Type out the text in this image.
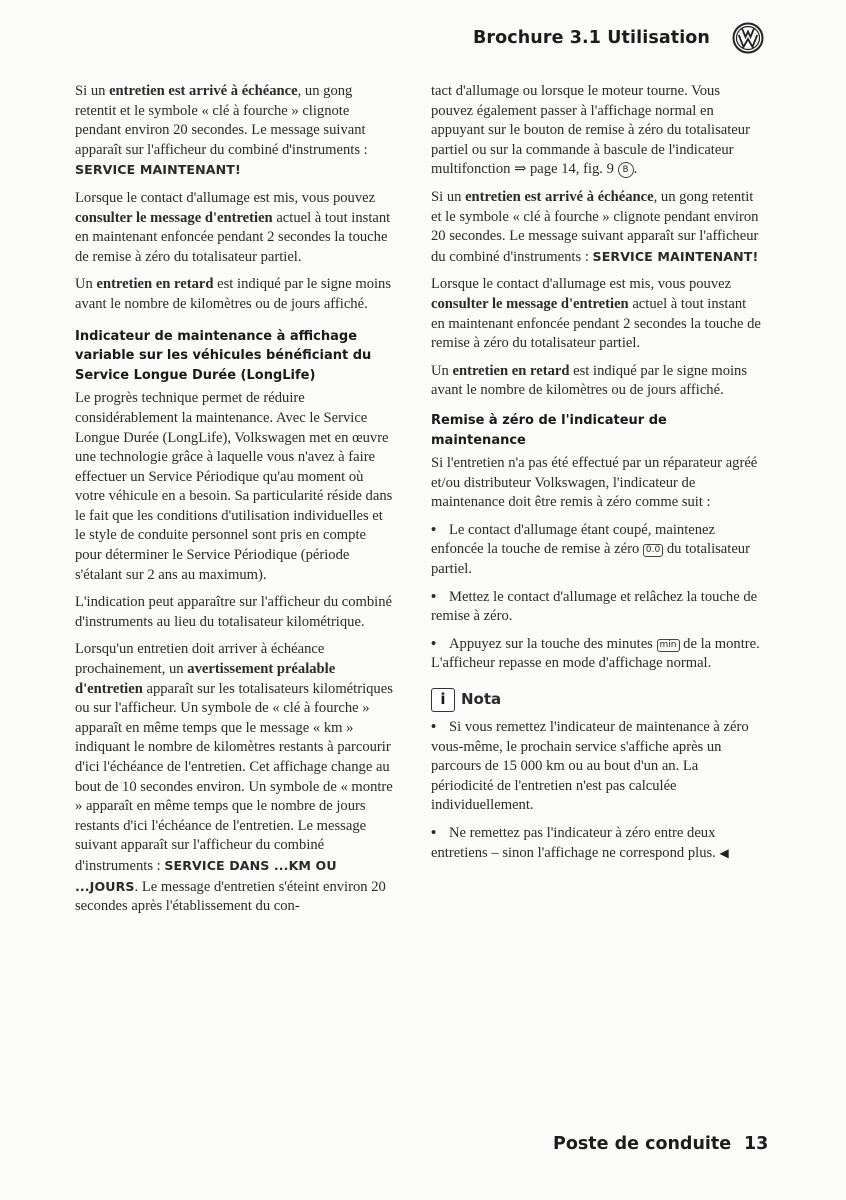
Brochure 3.1 Utilisation

Si un entretien est arrivé à échéance, un gong retentit et le symbole « clé à fourche » clignote pendant environ 20 secondes. Le message suivant apparaît sur l'afficheur du combiné d'instruments : SERVICE MAINTENANT!

Lorsque le contact d'allumage est mis, vous pouvez consulter le message d'entretien actuel à tout instant en maintenant enfoncée pendant 2 secondes la touche de remise à zéro du totalisateur partiel.

Un entretien en retard est indiqué par le signe moins avant le nombre de kilomètres ou de jours affiché.

Indicateur de maintenance à affichage variable sur les véhicules bénéficiant du Service Longue Durée (LongLife)

Le progrès technique permet de réduire considérablement la maintenance. Avec le Service Longue Durée (LongLife), Volkswagen met en œuvre une technologie grâce à laquelle vous n'avez à faire effectuer un Service Périodique qu'au moment où votre véhicule en a besoin. Sa particularité réside dans le fait que les conditions d'utilisation individuelles et le style de conduite personnel sont pris en compte pour déterminer le Service Périodique (période s'étalant sur 2 ans au maximum).

L'indication peut apparaître sur l'afficheur du combiné d'instruments au lieu du totalisateur kilométrique.

Lorsqu'un entretien doit arriver à échéance prochainement, un avertissement préalable d'entretien apparaît sur les totalisateurs kilométriques ou sur l'afficheur. Un symbole de « clé à fourche » apparaît en même temps que le message « km » indiquant le nombre de kilomètres restants à parcourir d'ici l'échéance de l'entretien. Cet affichage change au bout de 10 secondes environ. Un symbole de « montre » apparaît en même temps que le nombre de jours restants d'ici l'échéance de l'entretien. Le message suivant apparaît sur l'afficheur du combiné d'instruments : SERVICE DANS ...KM OU ...JOURS. Le message d'entretien s'éteint environ 20 secondes après l'établissement du con-

tact d'allumage ou lorsque le moteur tourne. Vous pouvez également passer à l'affichage normal en appuyant sur le bouton de remise à zéro du totalisateur partiel ou sur la commande à bascule de l'indicateur multifonction ⇒ page 14, fig. 9 B .

Si un entretien est arrivé à échéance, un gong retentit et le symbole « clé à fourche » clignote pendant environ 20 secondes. Le message suivant apparaît sur l'afficheur du combiné d'instruments : SERVICE MAINTENANT!

Lorsque le contact d'allumage est mis, vous pouvez consulter le message d'entretien actuel à tout instant en maintenant enfoncée pendant 2 secondes la touche de remise à zéro du totalisateur partiel.

Un entretien en retard est indiqué par le signe moins avant le nombre de kilomètres ou de jours affiché.

Remise à zéro de l'indicateur de maintenance

Si l'entretien n'a pas été effectué par un réparateur agréé et/ou distributeur Volkswagen, l'indicateur de maintenance doit être remis à zéro comme suit :

• Le contact d'allumage étant coupé, maintenez enfoncée la touche de remise à zéro 0.0 du totalisateur partiel.

• Mettez le contact d'allumage et relâchez la touche de remise à zéro.

• Appuyez sur la touche des minutes min de la montre. L'afficheur repasse en mode d'affichage normal.

i	Nota

• Si vous remettez l'indicateur de maintenance à zéro vous-même, le prochain service s'affiche après un parcours de 15 000 km ou au bout d'un an. La périodicité de l'entretien n'est pas calculée individuellement.

• Ne remettez pas l'indicateur à zéro entre deux entretiens – sinon l'affichage ne correspond plus. ◀

Poste de conduite 13
